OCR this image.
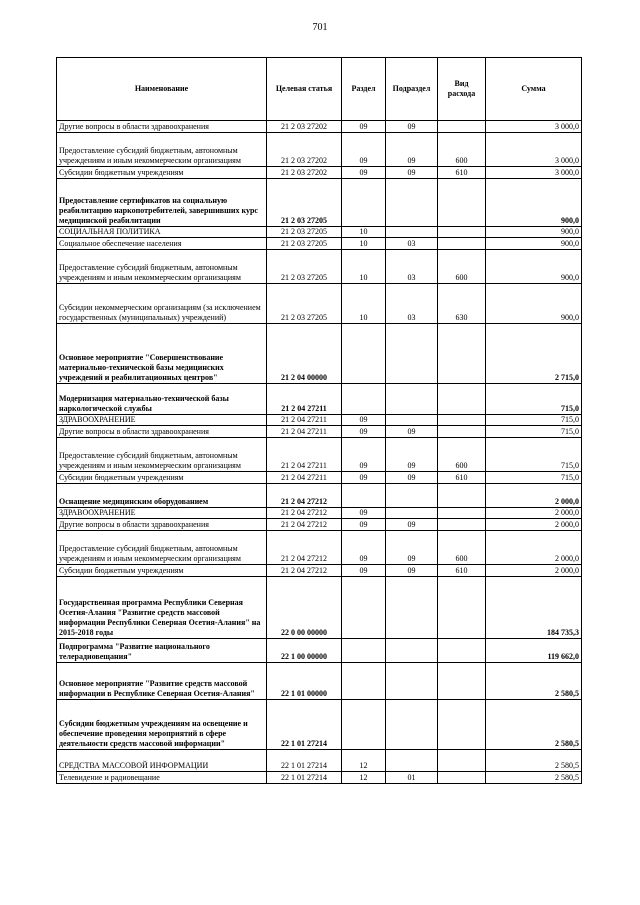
701
Наименование	Целевая статья	Раздел	Подраздел	Вид расхода	Сумма
Другие вопросы в области здравоохранения	21 2 03 27202	09	09		3 000,0
Предоставление субсидий бюджетным, автономным учреждениям и иным некоммерческим организациям	21 2 03 27202	09	09	600	3 000,0
Субсидии бюджетным учреждениям	21 2 03 27202	09	09	610	3 000,0
Предоставление сертификатов на социальную реабилитацию наркопотребителей, завершивших курс медицинской реабилитации	21 2 03 27205				900,0
СОЦИАЛЬНАЯ ПОЛИТИКА	21 2 03 27205	10			900,0
Социальное обеспечение населения	21 2 03 27205	10	03		900,0
Предоставление субсидий бюджетным, автономным учреждениям и иным некоммерческим организациям	21 2 03 27205	10	03	600	900,0
Субсидии некоммерческим организациям (за исключением государственных (муниципальных) учреждений)	21 2 03 27205	10	03	630	900,0
Основное мероприятие "Совершенствование материально-технической базы медицинских учреждений и реабилитационных центров"	21 2 04 00000				2 715,0
Модернизация материально-технической базы наркологической службы	21 2 04 27211				715,0
ЗДРАВООХРАНЕНИЕ	21 2 04 27211	09			715,0
Другие вопросы в области здравоохранения	21 2 04 27211	09	09		715,0
Предоставление субсидий бюджетным, автономным учреждениям и иным некоммерческим организациям	21 2 04 27211	09	09	600	715,0
Субсидии бюджетным учреждениям	21 2 04 27211	09	09	610	715,0
Оснащение медицинским оборудованием	21 2 04 27212				2 000,0
ЗДРАВООХРАНЕНИЕ	21 2 04 27212	09			2 000,0
Другие вопросы в области здравоохранения	21 2 04 27212	09	09		2 000,0
Предоставление субсидий бюджетным, автономным учреждениям и иным некоммерческим организациям	21 2 04 27212	09	09	600	2 000,0
Субсидии бюджетным учреждениям	21 2 04 27212	09	09	610	2 000,0
Государственная программа Республики Северная Осетия-Алания "Развитие средств массовой информации Республики Северная Осетия-Алания" на 2015-2018 годы	22 0 00 00000				184 735,3
Подпрограмма "Развитие национального телерадиовещания"	22 1 00 00000				119 662,0
Основное мероприятие "Развитие средств массовой информации в Республике Северная Осетия-Алания"	22 1 01 00000				2 580,5
Субсидии бюджетным учреждениям на освещение и обеспечение проведения мероприятий в сфере деятельности средств массовой информации"	22 1 01 27214				2 580,5
СРЕДСТВА МАССОВОЙ ИНФОРМАЦИИ	22 1 01 27214	12			2 580,5
Телевидение и радиовещание	22 1 01 27214	12	01		2 580,5
